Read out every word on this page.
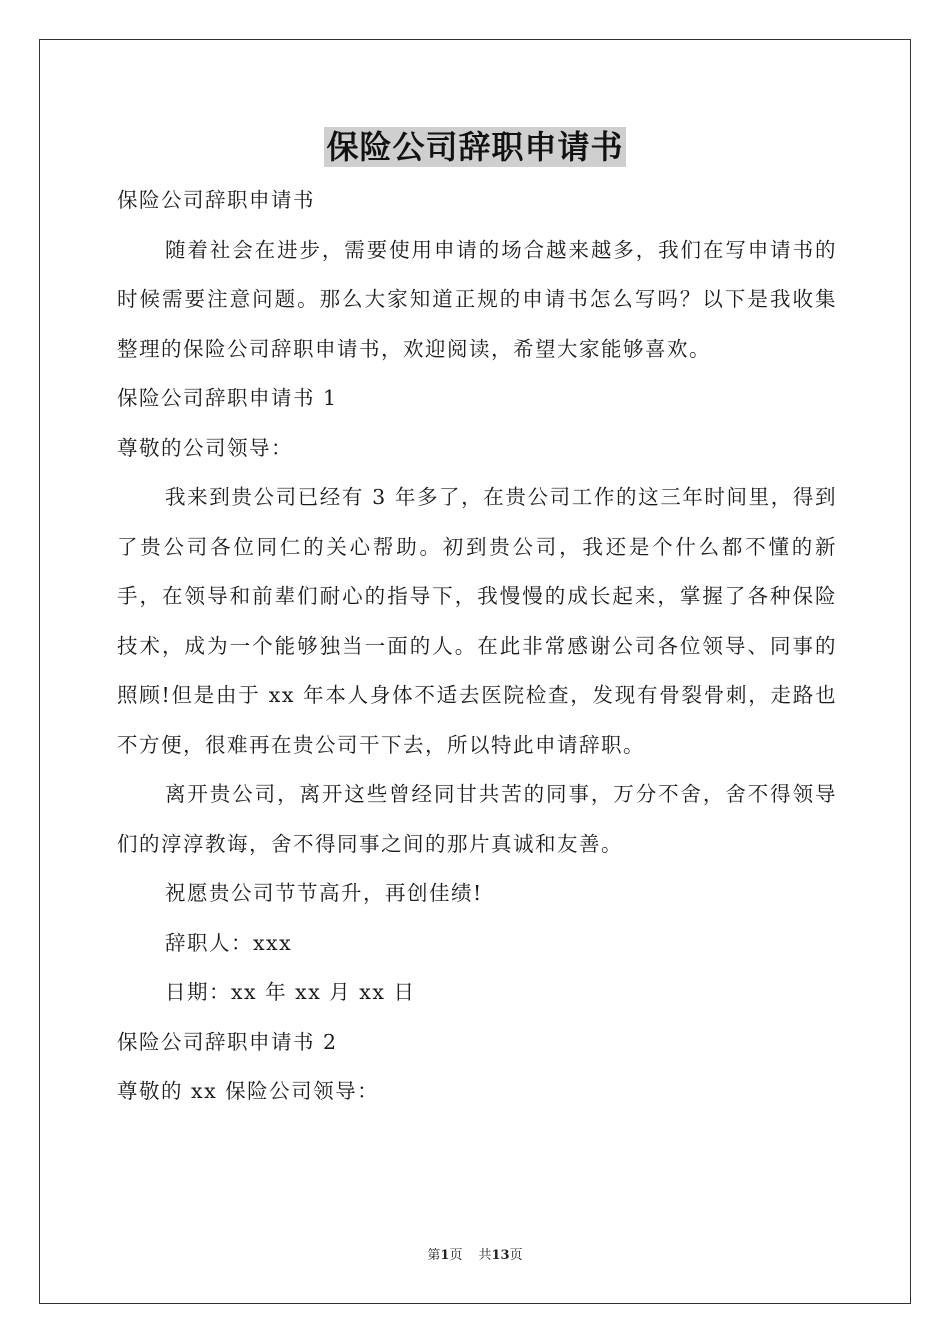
保险公司辞职申请书

保险公司辞职申请书

随着社会在进步，需要使用申请的场合越来越多，我们在写申请书的时候需要注意问题。那么大家知道正规的申请书怎么写吗？以下是我收集整理的保险公司辞职申请书，欢迎阅读，希望大家能够喜欢。

保险公司辞职申请书 1

尊敬的公司领导：

我来到贵公司已经有 3 年多了，在贵公司工作的这三年时间里，得到了贵公司各位同仁的关心帮助。初到贵公司，我还是个什么都不懂的新手，在领导和前辈们耐心的指导下，我慢慢的成长起来，掌握了各种保险技术，成为一个能够独当一面的人。在此非常感谢公司各位领导、同事的照顾!但是由于 xx 年本人身体不适去医院检查，发现有骨裂骨刺，走路也不方便，很难再在贵公司干下去，所以特此申请辞职。

离开贵公司，离开这些曾经同甘共苦的同事，万分不舍，舍不得领导们的淳淳教诲，舍不得同事之间的那片真诚和友善。

祝愿贵公司节节高升，再创佳绩!

辞职人：xxx

日期：xx 年 xx 月 xx 日

保险公司辞职申请书 2

尊敬的 xx 保险公司领导：

第1页 共13页
